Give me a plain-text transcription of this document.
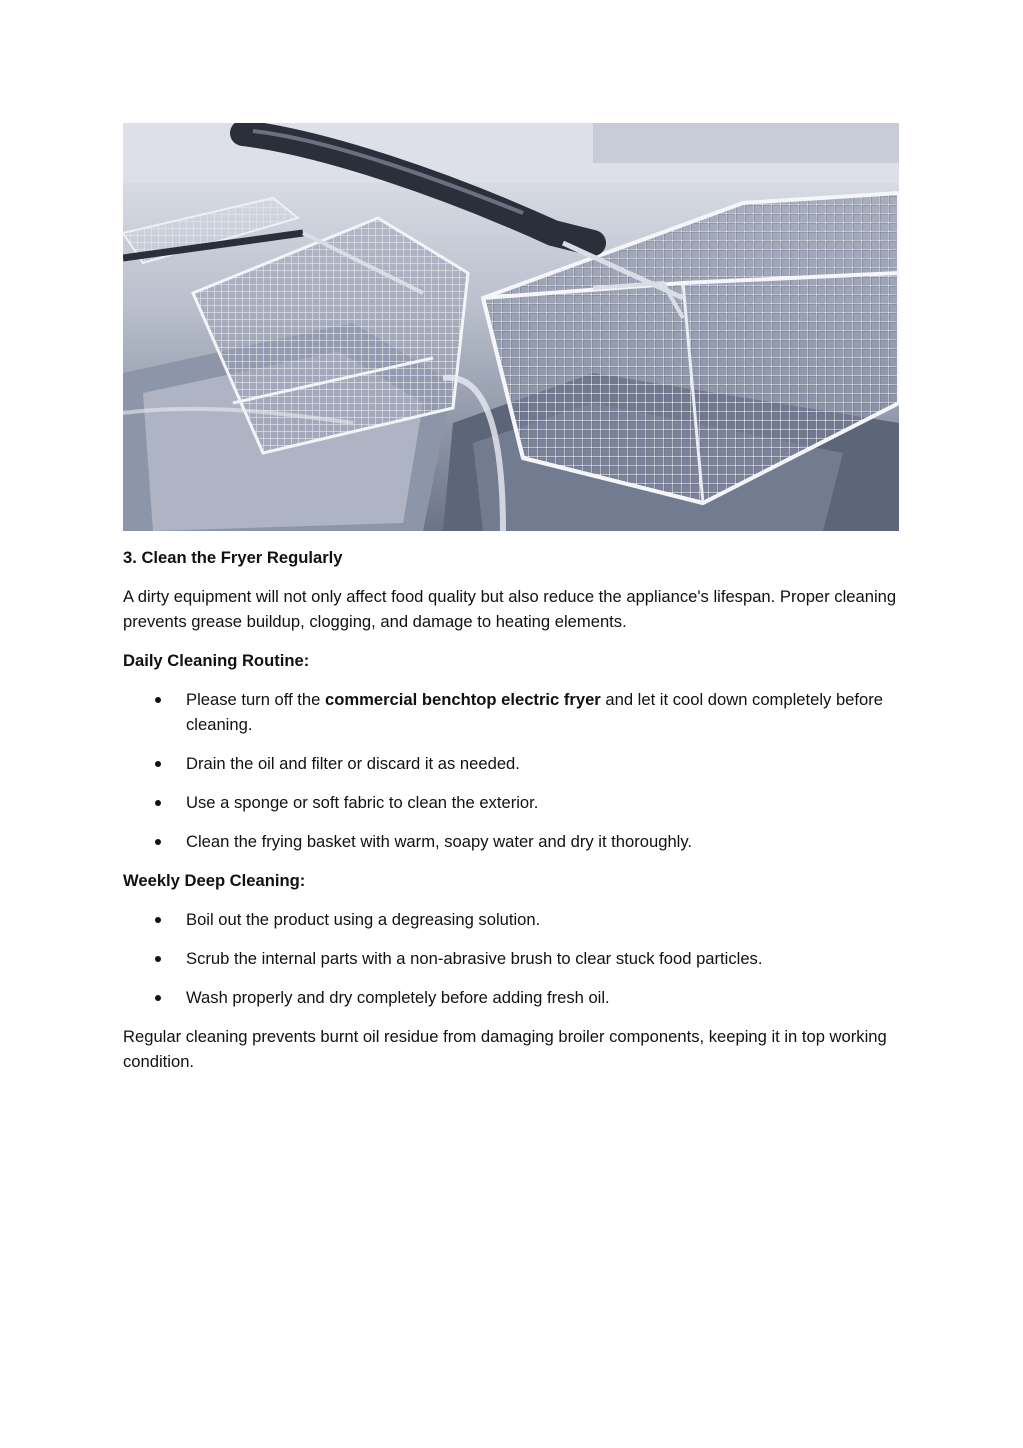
3. Clean the Fryer Regularly

A dirty equipment will not only affect food quality but also reduce the appliance's lifespan. Proper cleaning prevents grease buildup, clogging, and damage to heating elements.

Daily Cleaning Routine:

Please turn off the commercial benchtop electric fryer and let it cool down completely before cleaning.
Drain the oil and filter or discard it as needed.
Use a sponge or soft fabric to clean the exterior.
Clean the frying basket with warm, soapy water and dry it thoroughly.

Weekly Deep Cleaning:

Boil out the product using a degreasing solution.
Scrub the internal parts with a non-abrasive brush to clear stuck food particles.
Wash properly and dry completely before adding fresh oil.

Regular cleaning prevents burnt oil residue from damaging broiler components, keeping it in top working condition.
